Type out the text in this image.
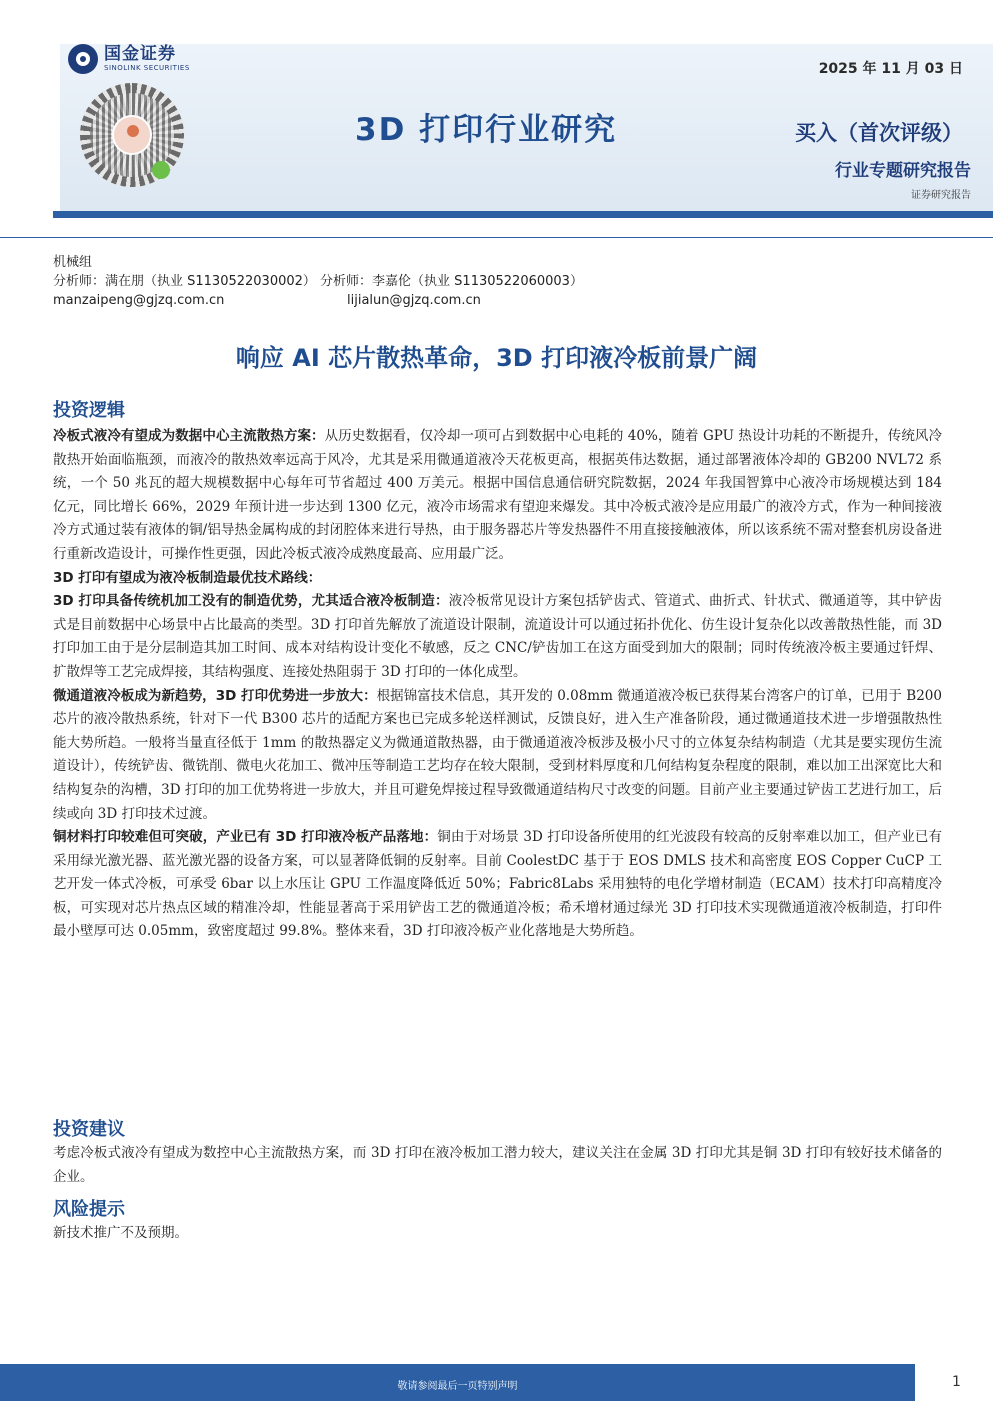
国金证券
SINOLINK SECURITIES	2025 年 11 月 03 日
3D 打印行业研究	买入（首次评级）
行业专题研究报告
证券研究报告
机械组
分析师：满在朋（执业 S1130522030002） 分析师：李嘉伦（执业 S1130522060003）
manzaipeng@gjzq.com.cn	lijialun@gjzq.com.cn
响应 AI 芯片散热革命，3D 打印液冷板前景广阔
投资逻辑

冷板式液冷有望成为数据中心主流散热方案：从历史数据看，仅冷却一项可占到数据中心电耗的 40%，随着 GPU 热设计功耗的不断提升，传统风冷散热开始面临瓶颈，而液冷的散热效率远高于风冷，尤其是采用微通道液冷天花板更高，根据英伟达数据，通过部署液体冷却的 GB200 NVL72 系统，一个 50 兆瓦的超大规模数据中心每年可节省超过 400 万美元。根据中国信息通信研究院数据，2024 年我国智算中心液冷市场规模达到 184 亿元，同比增长 66%，2029 年预计进一步达到 1300 亿元，液冷市场需求有望迎来爆发。其中冷板式液冷是应用最广的液冷方式，作为一种间接液冷方式通过装有液体的铜/铝导热金属构成的封闭腔体来进行导热，由于服务器芯片等发热器件不用直接接触液体，所以该系统不需对整套机房设备进行重新改造设计，可操作性更强，因此冷板式液冷成熟度最高、应用最广泛。

3D 打印有望成为液冷板制造最优技术路线：

3D 打印具备传统机加工没有的制造优势，尤其适合液冷板制造：液冷板常见设计方案包括铲齿式、管道式、曲折式、针状式、微通道等，其中铲齿式是目前数据中心场景中占比最高的类型。3D 打印首先解放了流道设计限制，流道设计可以通过拓扑优化、仿生设计复杂化以改善散热性能，而 3D 打印加工由于是分层制造其加工时间、成本对结构设计变化不敏感，反之 CNC/铲齿加工在这方面受到加大的限制；同时传统液冷板主要通过钎焊、扩散焊等工艺完成焊接，其结构强度、连接处热阻弱于 3D 打印的一体化成型。

微通道液冷板成为新趋势，3D 打印优势进一步放大：根据锦富技术信息，其开发的 0.08mm 微通道液冷板已获得某台湾客户的订单，已用于 B200 芯片的液冷散热系统，针对下一代 B300 芯片的适配方案也已完成多轮送样测试，反馈良好，进入生产准备阶段，通过微通道技术进一步增强散热性能大势所趋。一般将当量直径低于 1mm 的散热器定义为微通道散热器，由于微通道液冷板涉及极小尺寸的立体复杂结构制造（尤其是要实现仿生流道设计），传统铲齿、微铣削、微电火花加工、微冲压等制造工艺均存在较大限制，受到材料厚度和几何结构复杂程度的限制，难以加工出深宽比大和结构复杂的沟槽，3D 打印的加工优势将进一步放大，并且可避免焊接过程导致微通道结构尺寸改变的问题。目前产业主要通过铲齿工艺进行加工，后续或向 3D 打印技术过渡。

铜材料打印较难但可突破，产业已有 3D 打印液冷板产品落地：铜由于对场景 3D 打印设备所使用的红光波段有较高的反射率难以加工，但产业已有采用绿光激光器、蓝光激光器的设备方案，可以显著降低铜的反射率。目前 CoolestDC 基于于 EOS DMLS 技术和高密度 EOS Copper CuCP 工艺开发一体式冷板，可承受 6bar 以上水压让 GPU 工作温度降低近 50%；Fabric8Labs 采用独特的电化学增材制造（ECAM）技术打印高精度冷板，可实现对芯片热点区域的精准冷却，性能显著高于采用铲齿工艺的微通道冷板；希禾增材通过绿光 3D 打印技术实现微通道液冷板制造，打印件最小壁厚可达 0.05mm，致密度超过 99.8%。整体来看，3D 打印液冷板产业化落地是大势所趋。

投资建议

考虑冷板式液冷有望成为数控中心主流散热方案，而 3D 打印在液冷板加工潜力较大，建议关注在金属 3D 打印尤其是铜 3D 打印有较好技术储备的企业。

风险提示

新技术推广不及预期。

敬请参阅最后一页特别声明	1
